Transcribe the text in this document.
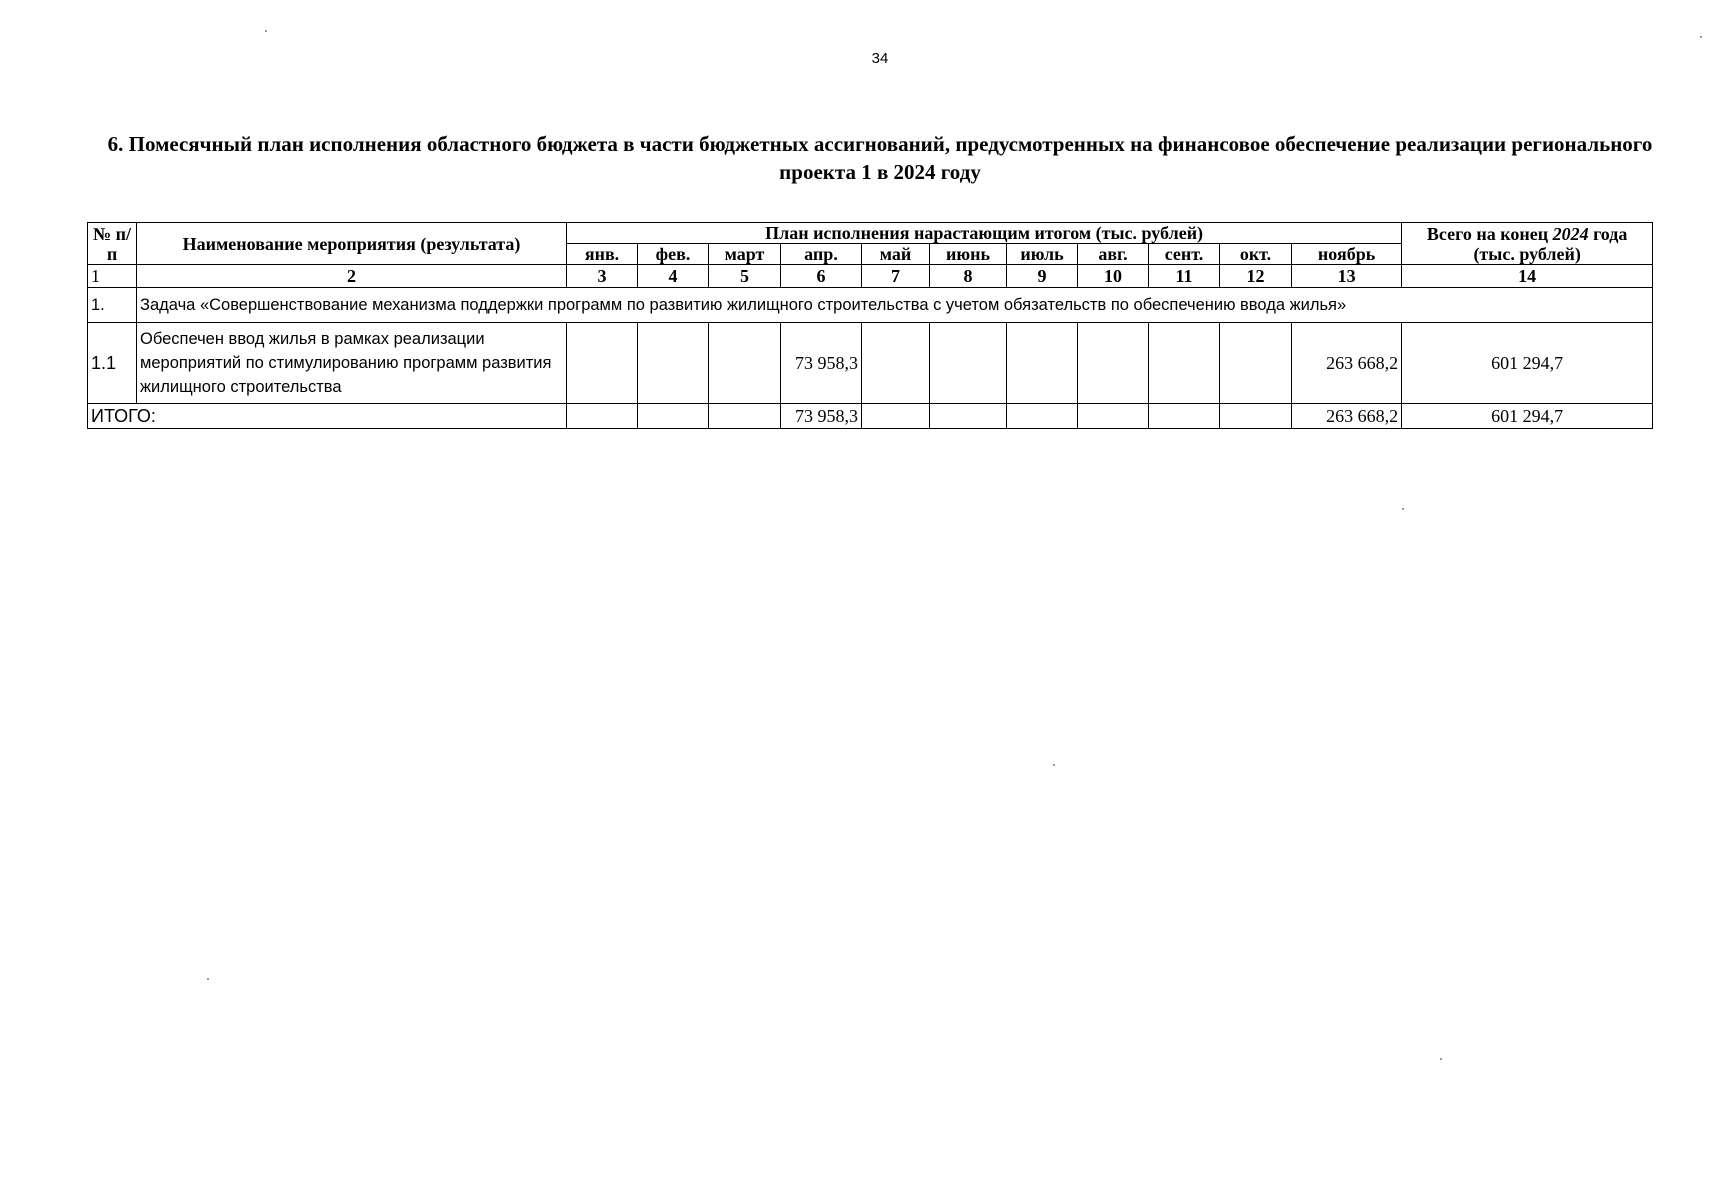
34
6. Помесячный план исполнения областного бюджета в части бюджетных ассигнований, предусмотренных на финансовое обеспечение реализации регионального проекта 1 в 2024 году
№ п/п	Наименование мероприятия (результата)	План исполнения нарастающим итогом (тыс. рублей)											Всего на конец 2024 года (тыс. рублей)
		янв.	фев.	март	апр.	май	июнь	июль	авг.	сент.	окт.	ноябрь	
1	2	3	4	5	6	7	8	9	10	11	12	13	14
1.	Задача «Совершенствование механизма поддержки программ по развитию жилищного строительства с учетом обязательств по обеспечению ввода жилья»												
1.1	Обеспечен ввод жилья в рамках реализации мероприятий по стимулированию программ развития жилищного строительства				73 958,3							263 668,2	601 294,7
ИТОГО:					73 958,3							263 668,2	601 294,7
